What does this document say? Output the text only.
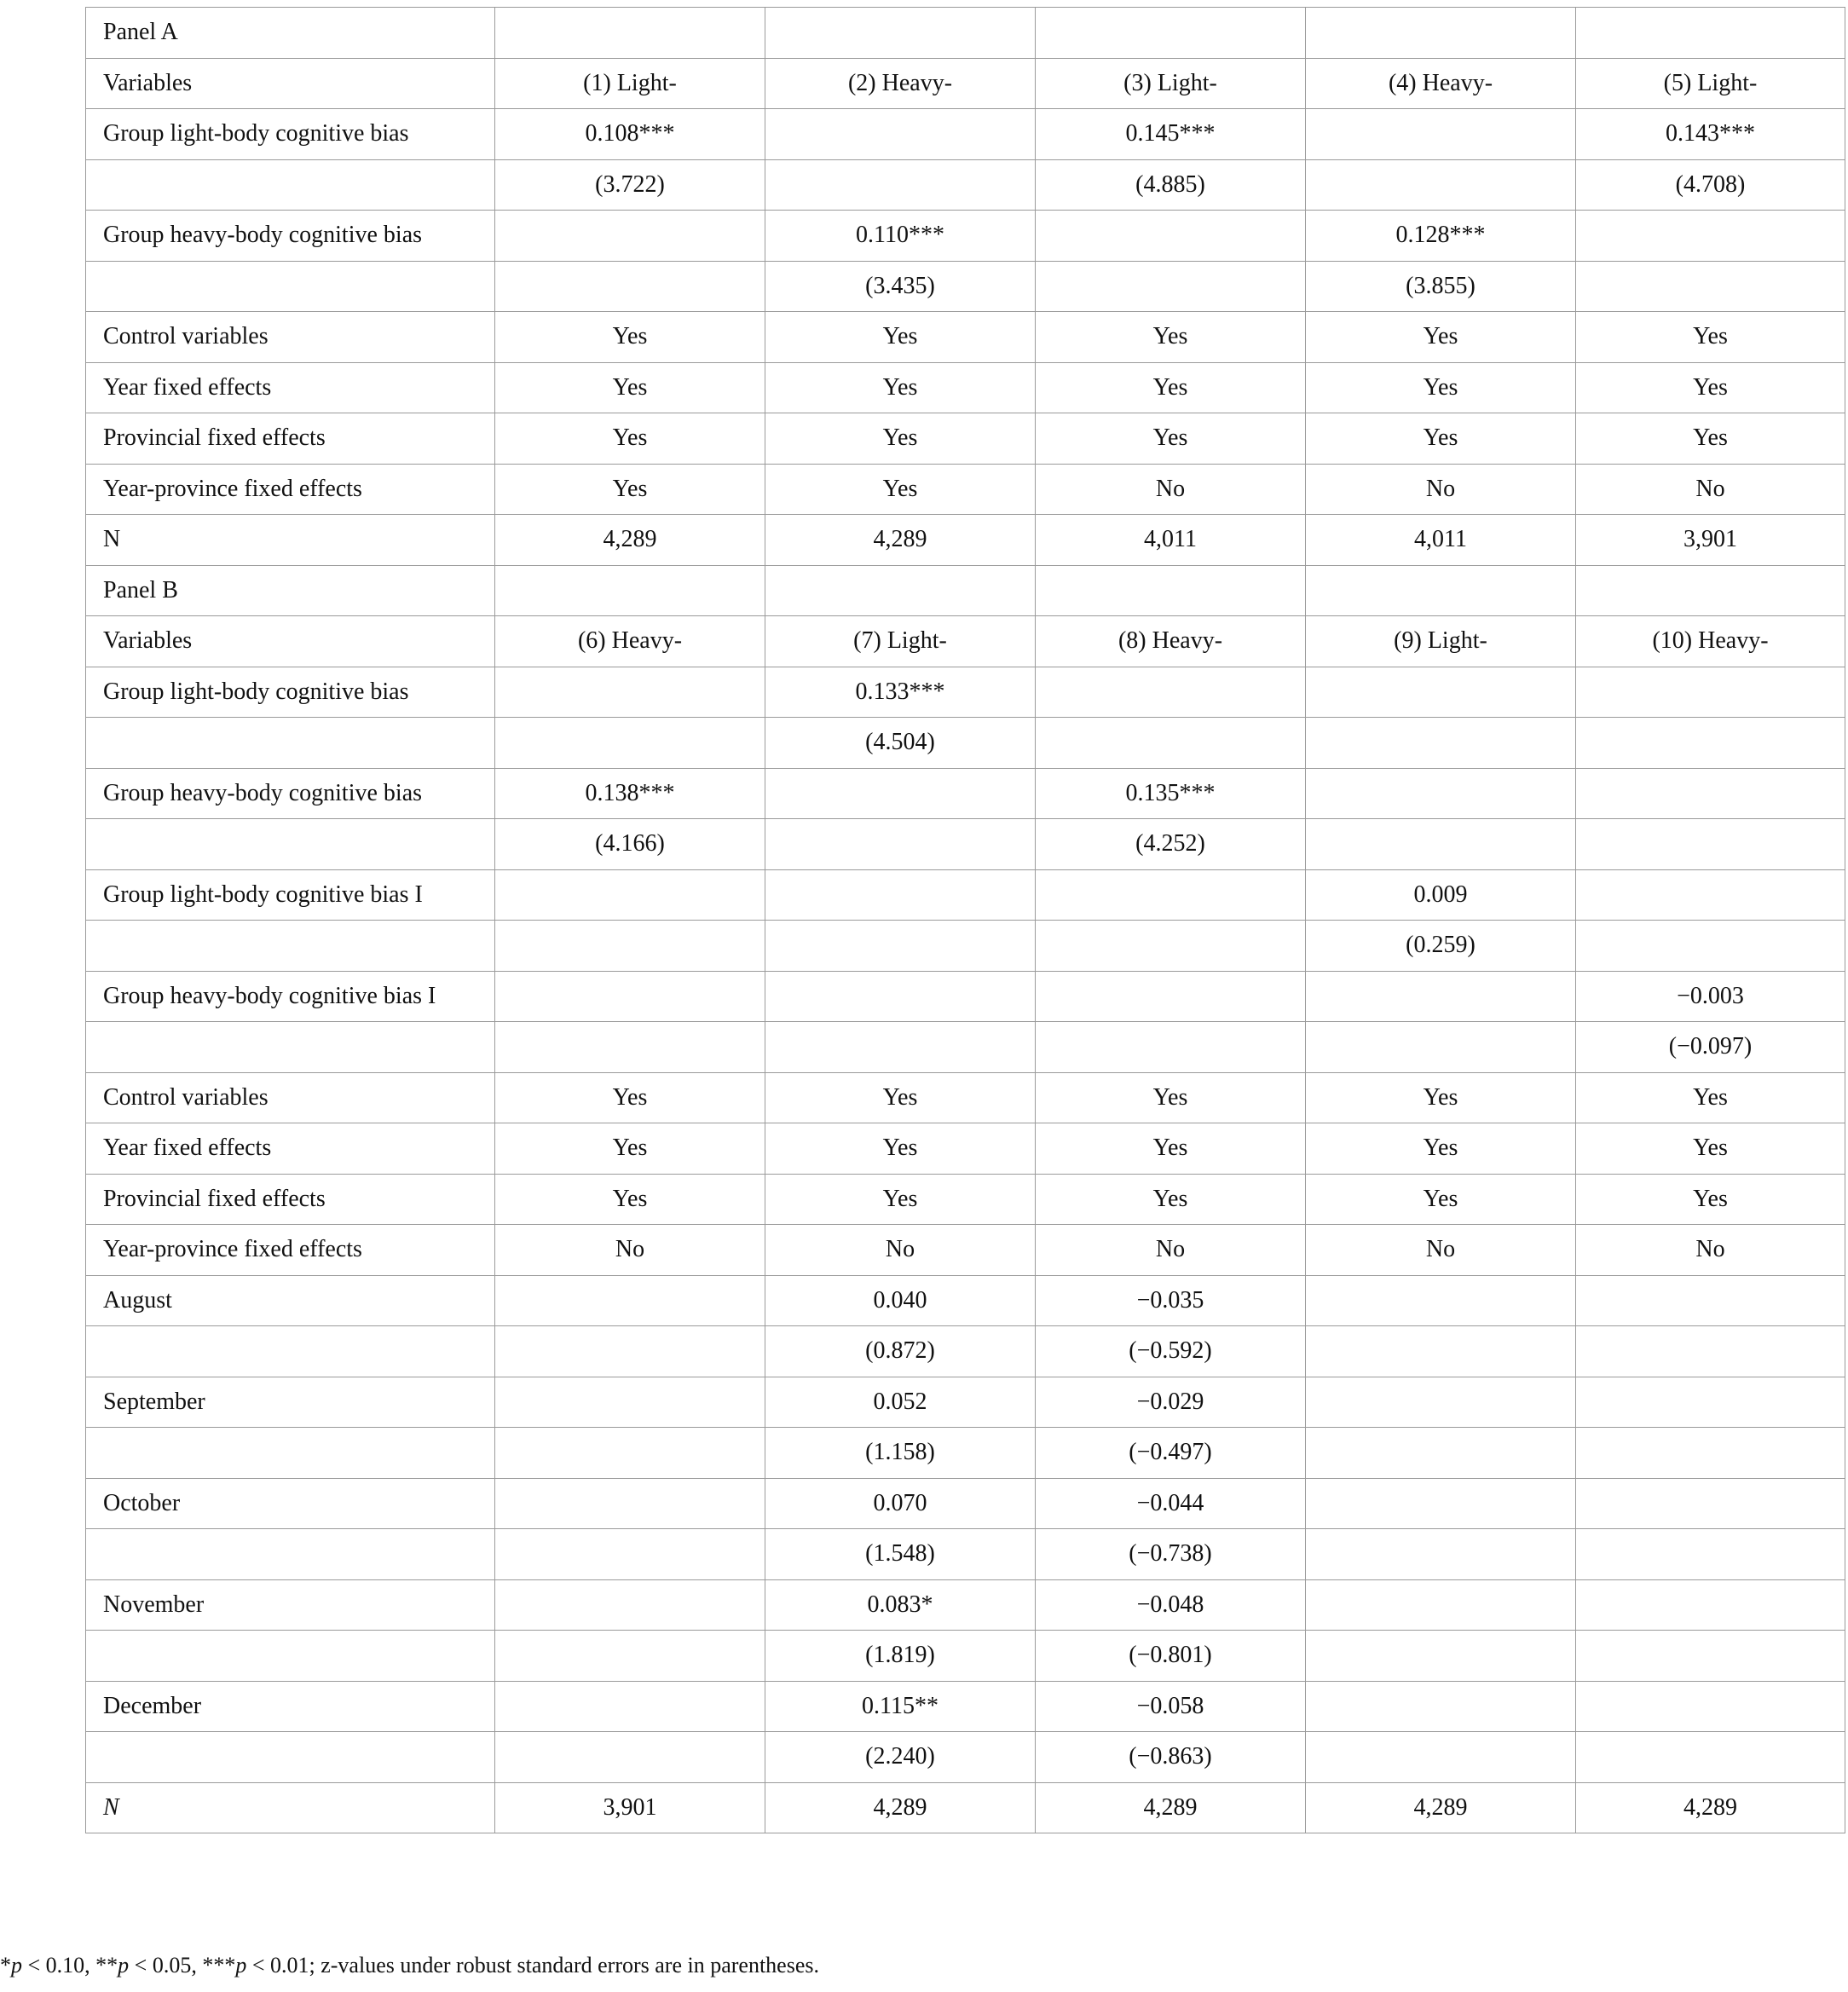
Panel A					
Variables	(1) Light-	(2) Heavy-	(3) Light-	(4) Heavy-	(5) Light-
Group light-body cognitive bias	0.108***		0.145***		0.143***
	(3.722)		(4.885)		(4.708)
Group heavy-body cognitive bias		0.110***		0.128***	
		(3.435)		(3.855)	
Control variables	Yes	Yes	Yes	Yes	Yes
Year fixed effects	Yes	Yes	Yes	Yes	Yes
Provincial fixed effects	Yes	Yes	Yes	Yes	Yes
Year-province fixed effects	Yes	Yes	No	No	No
N	4,289	4,289	4,011	4,011	3,901
Panel B					
Variables	(6) Heavy-	(7) Light-	(8) Heavy-	(9) Light-	(10) Heavy-
Group light-body cognitive bias		0.133***			
		(4.504)			
Group heavy-body cognitive bias	0.138***		0.135***		
	(4.166)		(4.252)		
Group light-body cognitive bias I				0.009	
				(0.259)	
Group heavy-body cognitive bias I					−0.003
					(−0.097)
Control variables	Yes	Yes	Yes	Yes	Yes
Year fixed effects	Yes	Yes	Yes	Yes	Yes
Provincial fixed effects	Yes	Yes	Yes	Yes	Yes
Year-province fixed effects	No	No	No	No	No
August		0.040	−0.035		
		(0.872)	(−0.592)		
September		0.052	−0.029		
		(1.158)	(−0.497)		
October		0.070	−0.044		
		(1.548)	(−0.738)		
November		0.083*	−0.048		
		(1.819)	(−0.801)		
December		0.115**	−0.058		
		(2.240)	(−0.863)		
N	3,901	4,289	4,289	4,289	4,289
*p < 0.10, **p < 0.05, ***p < 0.01; z-values under robust standard errors are in parentheses.
